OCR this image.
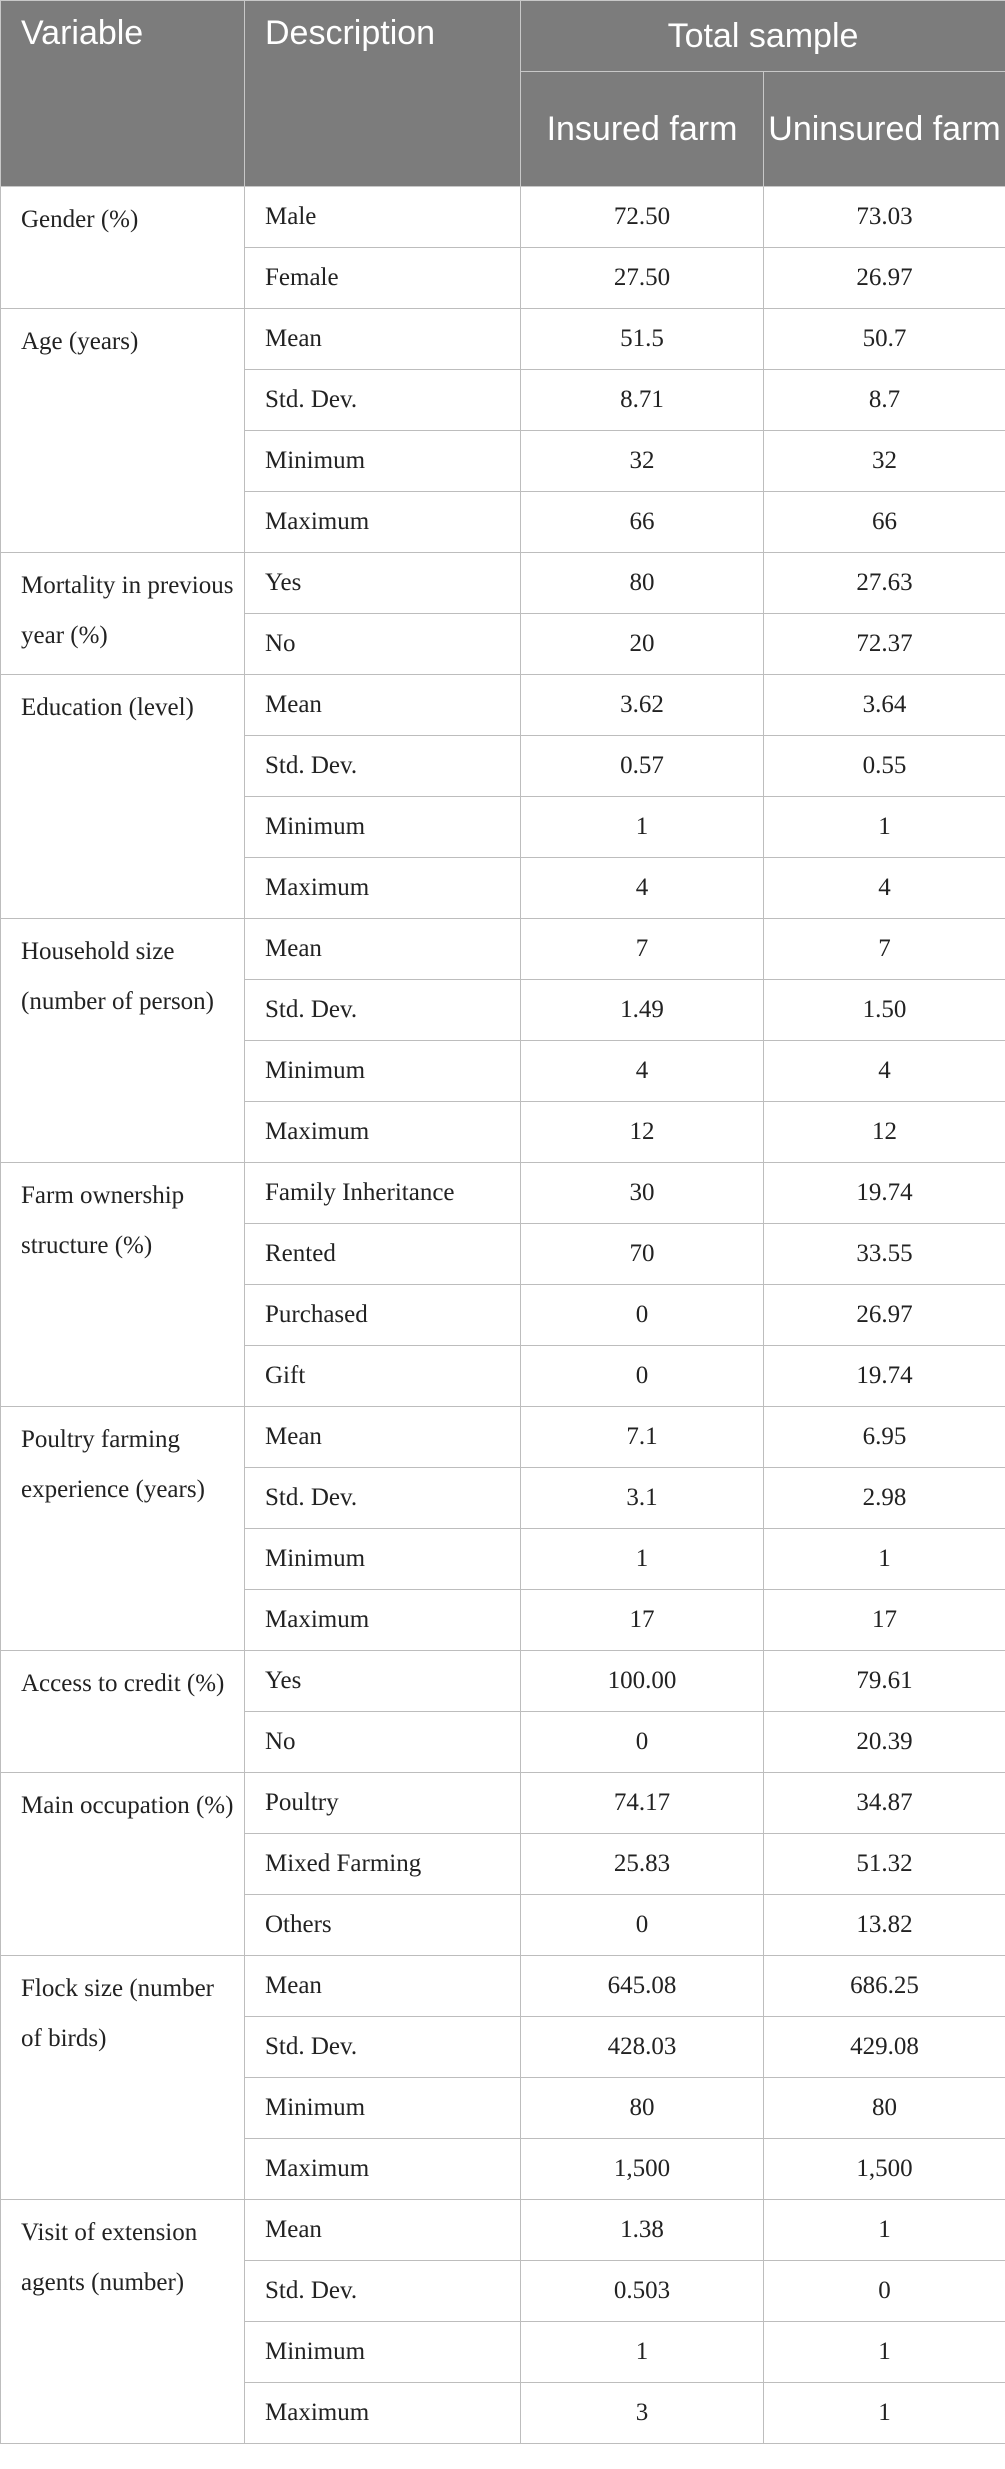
Variable	Description	Total sample	
		Insured farm	Uninsured farm
Gender (%)	Male	72.50	73.03
	Female	27.50	26.97
Age (years)	Mean	51.5	50.7
	Std. Dev.	8.71	8.7
	Minimum	32	32
	Maximum	66	66
Mortality in previous year (%)	Yes	80	27.63
	No	20	72.37
Education (level)	Mean	3.62	3.64
	Std. Dev.	0.57	0.55
	Minimum	1	1
	Maximum	4	4
Household size (number of person)	Mean	7	7
	Std. Dev.	1.49	1.50
	Minimum	4	4
	Maximum	12	12
Farm ownership structure (%)	Family Inheritance	30	19.74
	Rented	70	33.55
	Purchased	0	26.97
	Gift	0	19.74
Poultry farming experience (years)	Mean	7.1	6.95
	Std. Dev.	3.1	2.98
	Minimum	1	1
	Maximum	17	17
Access to credit (%)	Yes	100.00	79.61
	No	0	20.39
Main occupation (%)	Poultry	74.17	34.87
	Mixed Farming	25.83	51.32
	Others	0	13.82
Flock size (number of birds)	Mean	645.08	686.25
	Std. Dev.	428.03	429.08
	Minimum	80	80
	Maximum	1,500	1,500
Visit of extension agents (number)	Mean	1.38	1
	Std. Dev.	0.503	0
	Minimum	1	1
	Maximum	3	1
